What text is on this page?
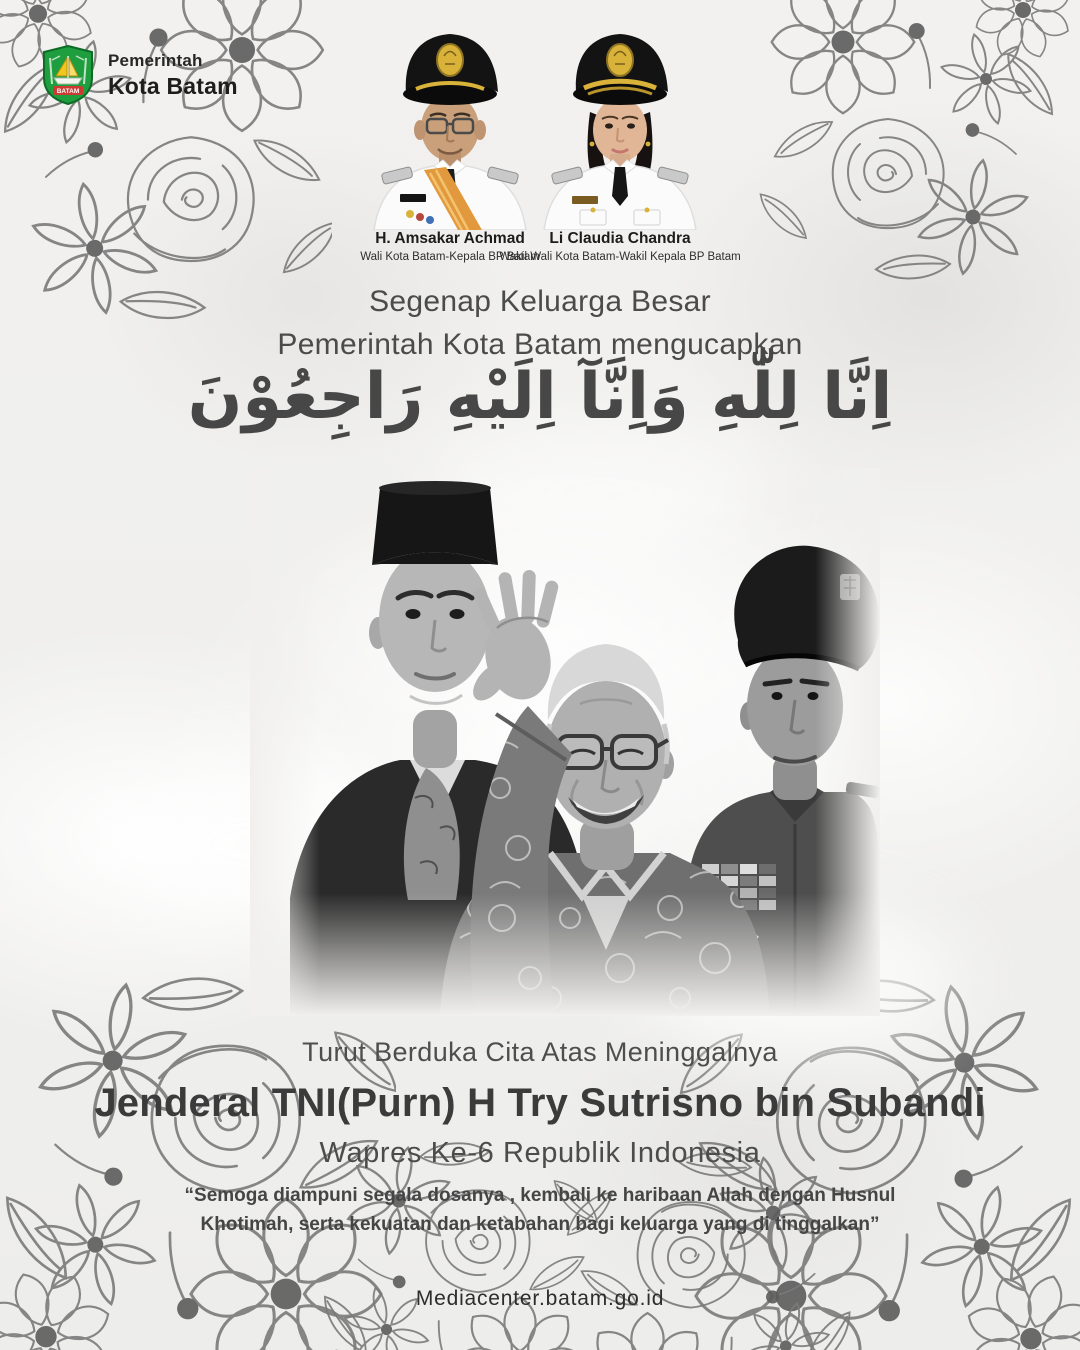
BATAM
Pemerintah
Kota Batam
H. Amsakar Achmad
Wali Kota Batam-Kepala BP Batam
Li Claudia Chandra
Wakil Wali Kota Batam-Wakil Kepala BP Batam
Segenap Keluarga Besar
Pemerintah Kota Batam mengucapkan
اِنَّا لِلّٰهِ وَاِنَّآ اِلَيْهِ رَاجِعُوْنَ
Turut Berduka Cita Atas Meninggalnya
Jenderal TNI(Purn) H Try Sutrisno bin Subandi
Wapres Ke-6 Republik Indonesia
“Semoga diampuni segala dosanya , kembali ke haribaan Allah dengan Husnul Khotimah, serta kekuatan dan ketabahan bagi keluarga yang di tinggalkan”
Mediacenter.batam.go.id
